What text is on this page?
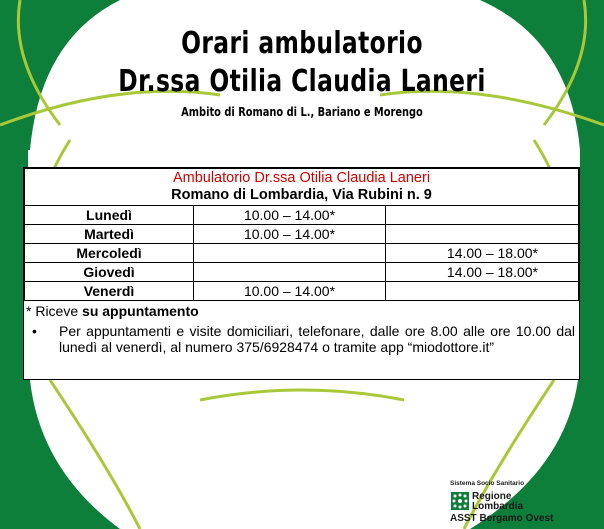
Orari ambulatorio
Dr.ssa Otilia Claudia Laneri
Ambito di Romano di L., Bariano e Morengo
Ambulatorio Dr.ssa Otilia Claudia Laneri
Romano di Lombardia, Via Rubini n. 9		

Lunedì	10.00 – 14.00*	
Martedì	10.00 – 14.00*	
Mercoledì		14.00 – 18.00*
Giovedì		14.00 – 18.00*
Venerdì	10.00 – 14.00*	
* Riceve su appuntamento
• Per appuntamenti e visite domiciliari, telefonare, dalle ore 8.00 alle ore 10.00 dal lunedì al venerdì, al numero 375/6928474 o tramite app “miodottore.it”
Sistema Socio Sanitario
Regione
Lombardia
ASST Bergamo Ovest
